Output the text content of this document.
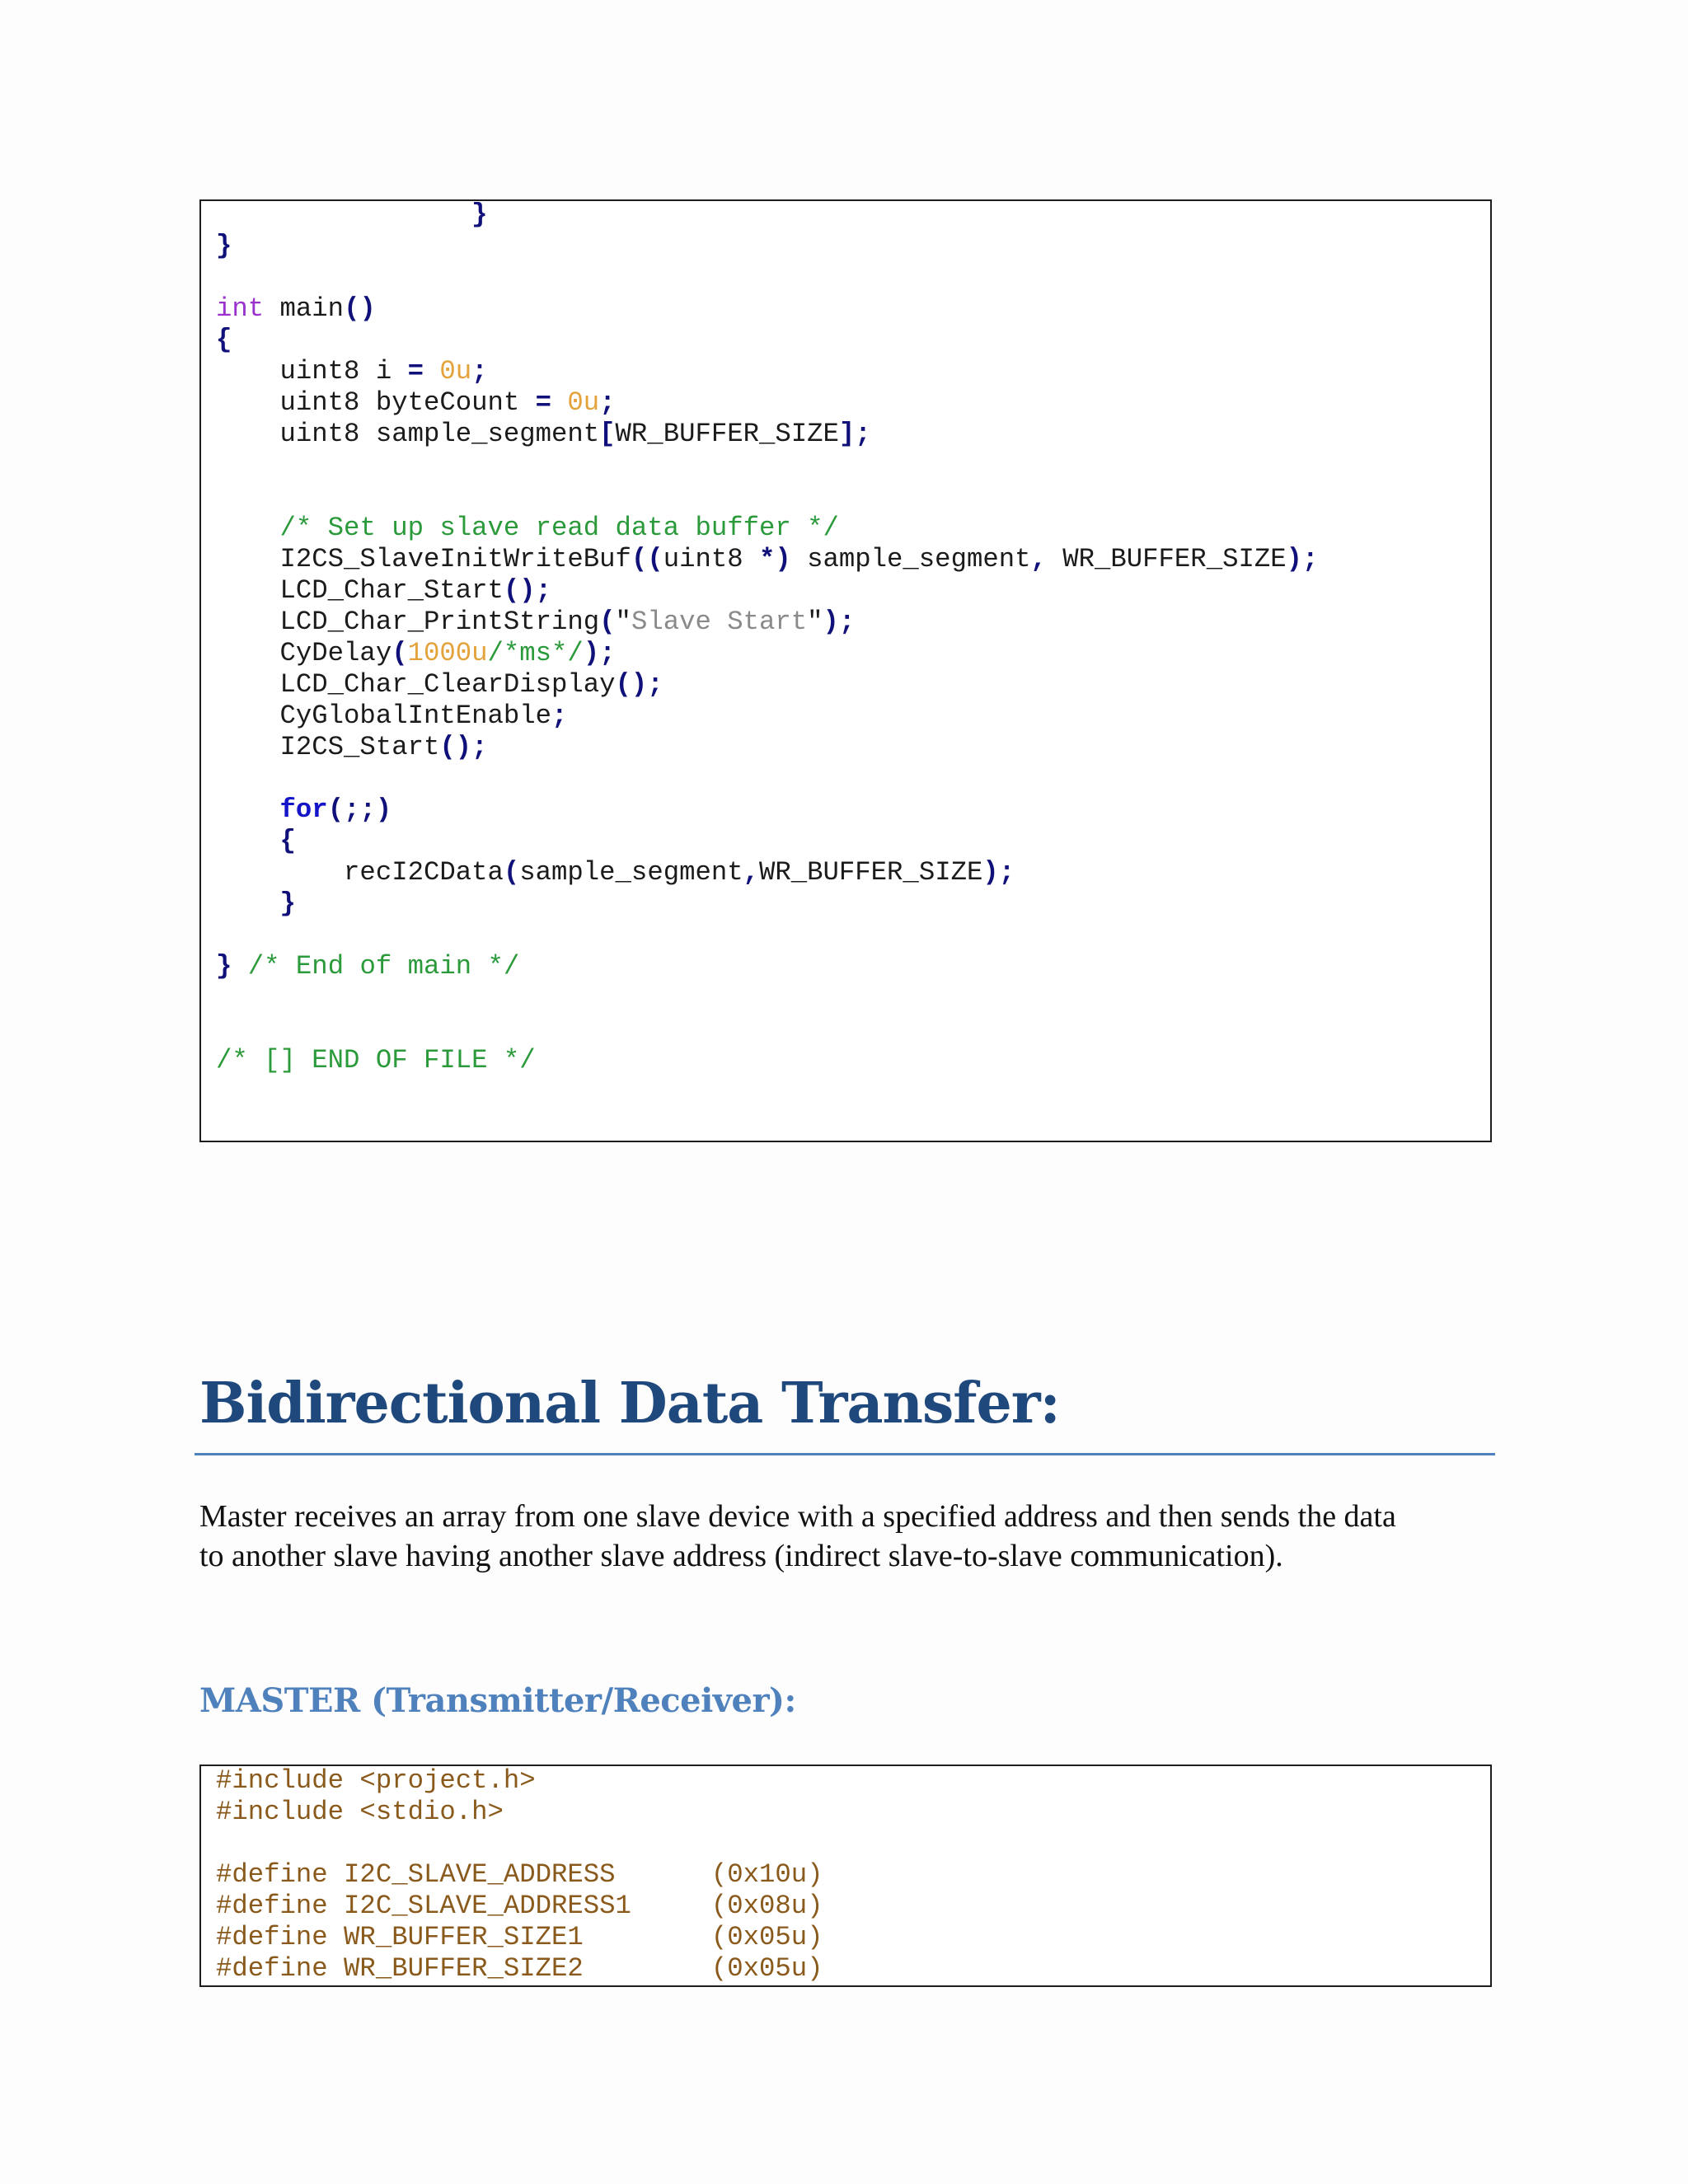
}
}
int main()
{
uint8 i = 0u;
uint8 byteCount = 0u;
uint8 sample_segment[WR_BUFFER_SIZE];
/* Set up slave read data buffer */
I2CS_SlaveInitWriteBuf((uint8 *) sample_segment, WR_BUFFER_SIZE);
LCD_Char_Start();
LCD_Char_PrintString("Slave Start");
CyDelay(1000u/*ms*/);
LCD_Char_ClearDisplay();
CyGlobalIntEnable;
I2CS_Start();
for(;;)
{
recI2CData(sample_segment,WR_BUFFER_SIZE);
}
} /* End of main */
/* [] END OF FILE */
Bidirectional Data Transfer:

Master receives an array from one slave device with a specified address and then sends the data

to another slave having another slave address (indirect slave-to-slave communication).

MASTER (Transmitter/Receiver):
#include <project.h>
#include <stdio.h>
#define I2C_SLAVE_ADDRESS      (0x10u)
#define I2C_SLAVE_ADDRESS1     (0x08u)
#define WR_BUFFER_SIZE1        (0x05u)
#define WR_BUFFER_SIZE2        (0x05u)
